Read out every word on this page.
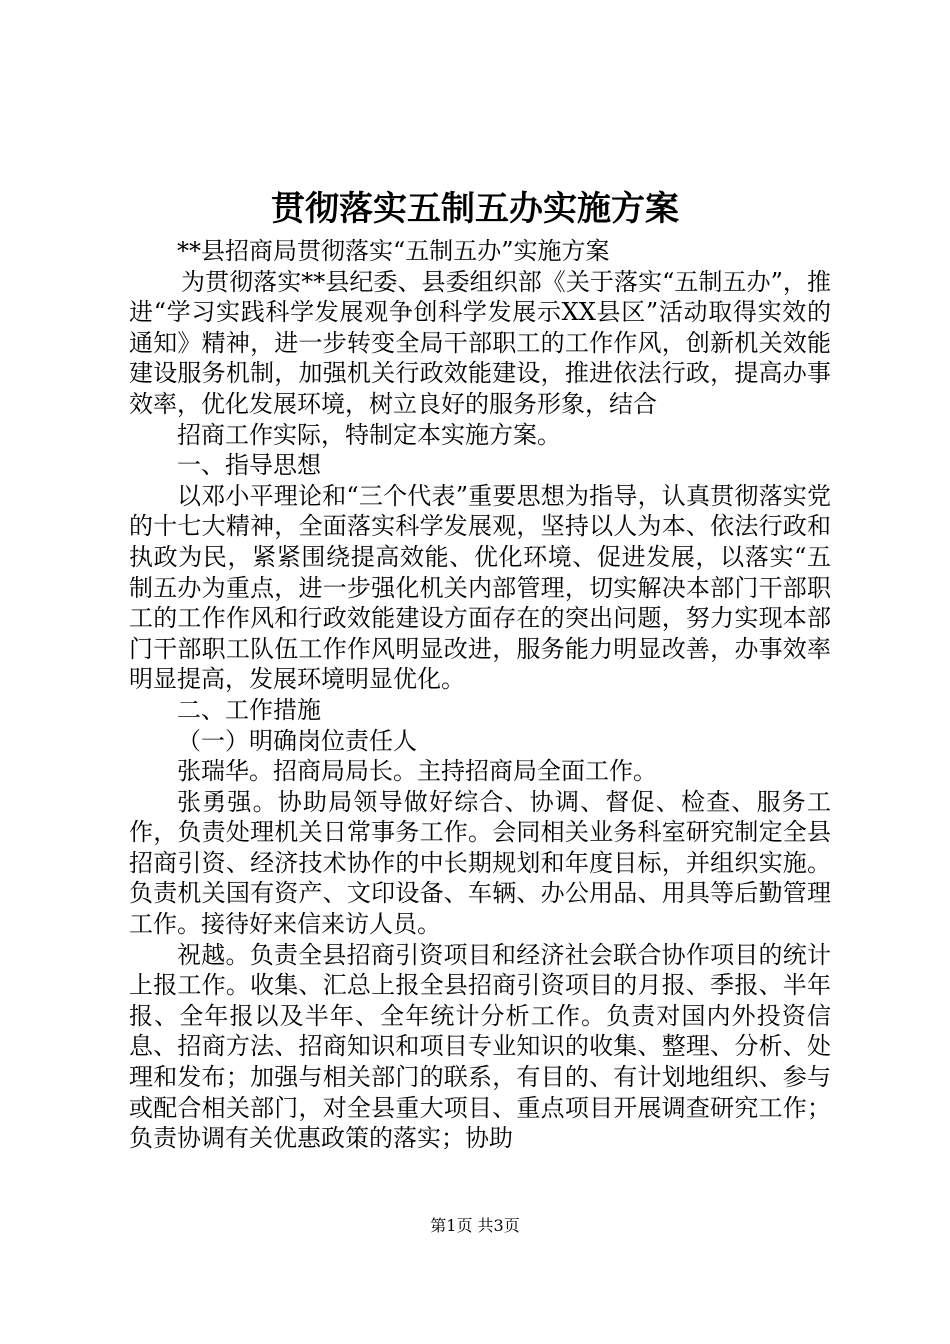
贯彻落实五制五办实施方案

**县招商局贯彻落实“五制五办”实施方案

为贯彻落实**县纪委、县委组织部《关于落实“五制五办”，推进“学习实践科学发展观争创科学发展示XX县区”活动取得实效的通知》精神，进一步转变全局干部职工的工作作风，创新机关效能建设服务机制，加强机关行政效能建设，推进依法行政，提高办事效率，优化发展环境，树立良好的服务形象，结合

招商工作实际，特制定本实施方案。

一、指导思想

以邓小平理论和“三个代表”重要思想为指导，认真贯彻落实党的十七大精神，全面落实科学发展观，坚持以人为本、依法行政和执政为民，紧紧围绕提高效能、优化环境、促进发展，以落实“五制五办为重点，进一步强化机关内部管理，切实解决本部门干部职工的工作作风和行政效能建设方面存在的突出问题，努力实现本部门干部职工队伍工作作风明显改进，服务能力明显改善，办事效率明显提高，发展环境明显优化。

二、工作措施

（一）明确岗位责任人

张瑞华。招商局局长。主持招商局全面工作。

张勇强。协助局领导做好综合、协调、督促、检查、服务工作，负责处理机关日常事务工作。会同相关业务科室研究制定全县招商引资、经济技术协作的中长期规划和年度目标，并组织实施。负责机关国有资产、文印设备、车辆、办公用品、用具等后勤管理工作。接待好来信来访人员。

祝越。负责全县招商引资项目和经济社会联合协作项目的统计上报工作。收集、汇总上报全县招商引资项目的月报、季报、半年报、全年报以及半年、全年统计分析工作。负责对国内外投资信息、招商方法、招商知识和项目专业知识的收集、整理、分析、处理和发布；加强与相关部门的联系，有目的、有计划地组织、参与或配合相关部门，对全县重大项目、重点项目开展调查研究工作；负责协调有关优惠政策的落实；协助

第1页 共3页
